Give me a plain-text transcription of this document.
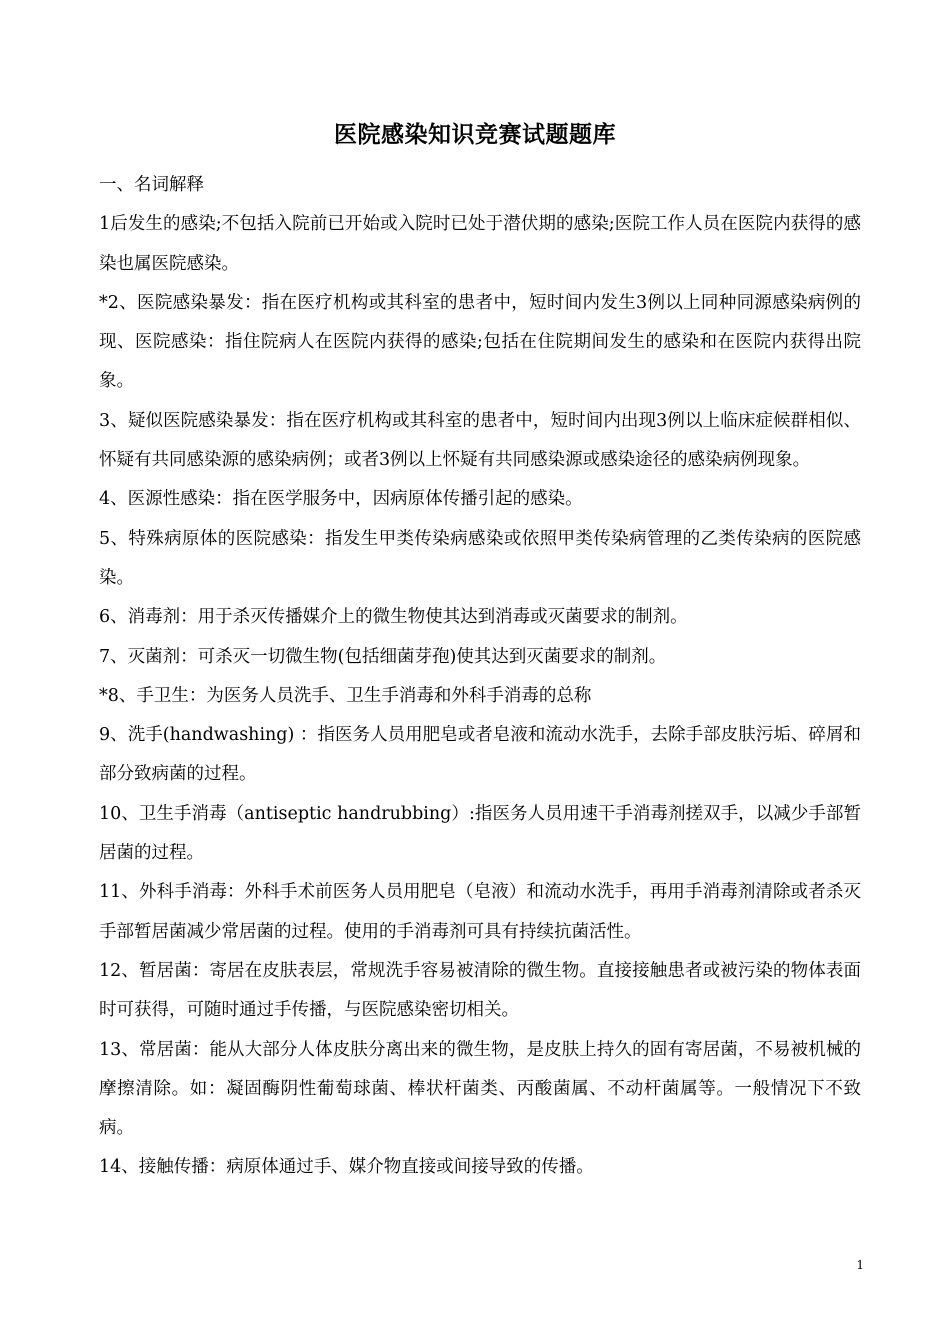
医院感染知识竞赛试题题库

一、名词解释

1后发生的感染;不包括入院前已开始或入院时已处于潜伏期的感染;医院工作人员在医院内获得的感染也属医院感染。

*2、医院感染暴发：指在医疗机构或其科室的患者中，短时间内发生3例以上同种同源感染病例的现、医院感染：指住院病人在医院内获得的感染;包括在住院期间发生的感染和在医院内获得出院象。

3、疑似医院感染暴发：指在医疗机构或其科室的患者中，短时间内出现3例以上临床症候群相似、怀疑有共同感染源的感染病例；或者3例以上怀疑有共同感染源或感染途径的感染病例现象。

4、医源性感染：指在医学服务中，因病原体传播引起的感染。

5、特殊病原体的医院感染：指发生甲类传染病感染或依照甲类传染病管理的乙类传染病的医院感染。

6、消毒剂：用于杀灭传播媒介上的微生物使其达到消毒或灭菌要求的制剂。

7、灭菌剂：可杀灭一切微生物(包括细菌芽孢)使其达到灭菌要求的制剂。

*8、手卫生：为医务人员洗手、卫生手消毒和外科手消毒的总称

9、洗手(handwashing) ：指医务人员用肥皂或者皂液和流动水洗手，去除手部皮肤污垢、碎屑和部分致病菌的过程。

10、卫生手消毒（antiseptic handrubbing）:指医务人员用速干手消毒剂搓双手，以减少手部暂居菌的过程。

11、外科手消毒：外科手术前医务人员用肥皂（皂液）和流动水洗手，再用手消毒剂清除或者杀灭手部暂居菌减少常居菌的过程。使用的手消毒剂可具有持续抗菌活性。

12、暂居菌：寄居在皮肤表层，常规洗手容易被清除的微生物。直接接触患者或被污染的物体表面时可获得，可随时通过手传播，与医院感染密切相关。

13、常居菌：能从大部分人体皮肤分离出来的微生物，是皮肤上持久的固有寄居菌，不易被机械的摩擦清除。如：凝固酶阴性葡萄球菌、棒状杆菌类、丙酸菌属、不动杆菌属等。一般情况下不致病。

14、接触传播：病原体通过手、媒介物直接或间接导致的传播。

1
